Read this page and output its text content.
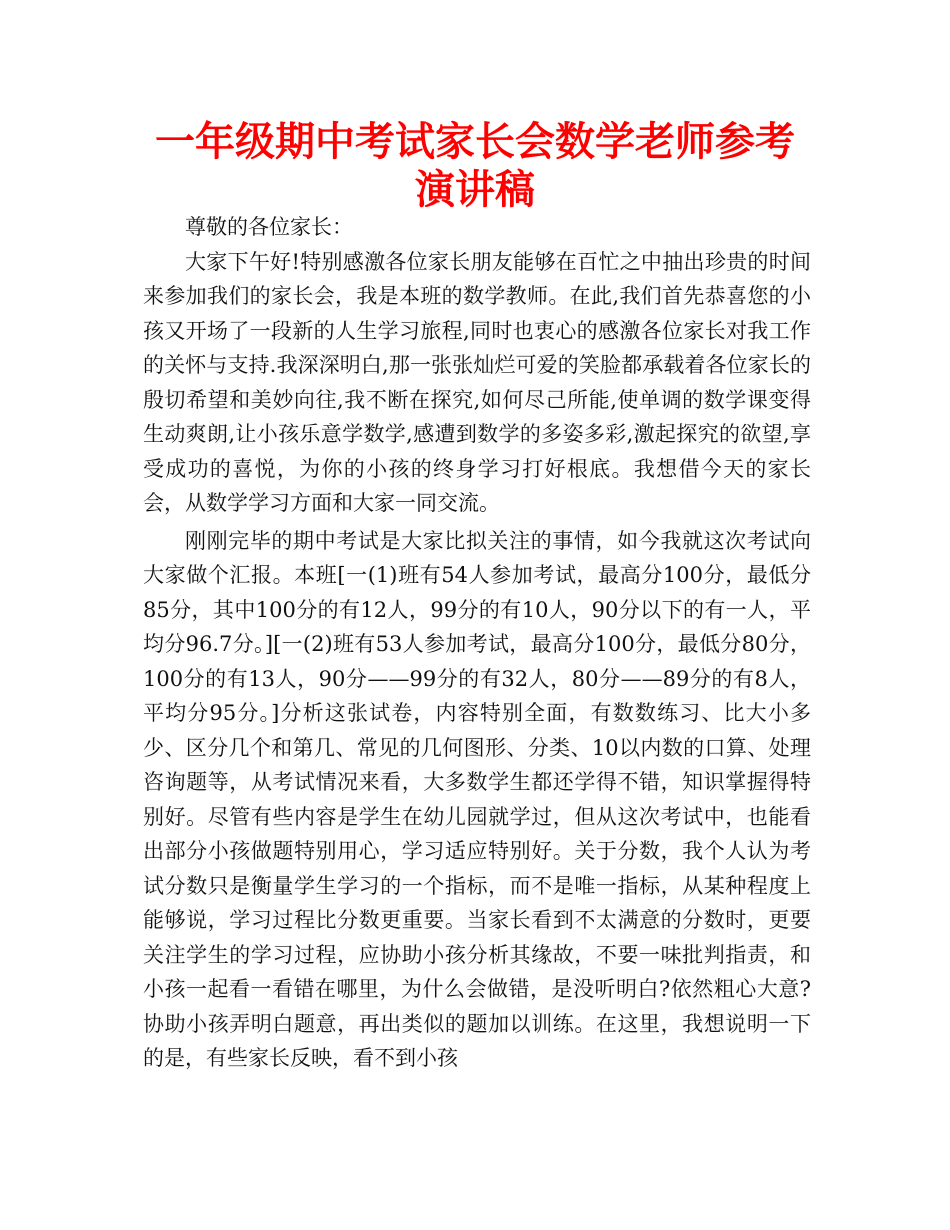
一年级期中考试家长会数学老师参考演讲稿

尊敬的各位家长：

大家下午好!特别感激各位家长朋友能够在百忙之中抽出珍贵的时间来参加我们的家长会，我是本班的数学教师。在此,我们首先恭喜您的小孩又开场了一段新的人生学习旅程,同时也衷心的感激各位家长对我工作的关怀与支持.我深深明白,那一张张灿烂可爱的笑脸都承载着各位家长的殷切希望和美妙向往,我不断在探究,如何尽己所能,使单调的数学课变得生动爽朗,让小孩乐意学数学,感遭到数学的多姿多彩,激起探究的欲望,享受成功的喜悦，为你的小孩的终身学习打好根底。我想借今天的家长会，从数学学习方面和大家一同交流。

刚刚完毕的期中考试是大家比拟关注的事情，如今我就这次考试向大家做个汇报。本班[一(1)班有54人参加考试，最高分100分，最低分85分，其中100分的有12人，99分的有10人，90分以下的有一人，平均分96.7分。][一(2)班有53人参加考试，最高分100分，最低分80分，100分的有13人，90分——99分的有32人，80分——89分的有8人，平均分95分。]分析这张试卷，内容特别全面，有数数练习、比大小多少、区分几个和第几、常见的几何图形、分类、10以内数的口算、处理咨询题等，从考试情况来看，大多数学生都还学得不错，知识掌握得特别好。尽管有些内容是学生在幼儿园就学过，但从这次考试中，也能看出部分小孩做题特别用心，学习适应特别好。关于分数，我个人认为考试分数只是衡量学生学习的一个指标，而不是唯一指标，从某种程度上能够说，学习过程比分数更重要。当家长看到不太满意的分数时，更要关注学生的学习过程，应协助小孩分析其缘故，不要一味批判指责，和小孩一起看一看错在哪里，为什么会做错，是没听明白?依然粗心大意?协助小孩弄明白题意，再出类似的题加以训练。在这里，我想说明一下的是，有些家长反映，看不到小孩
